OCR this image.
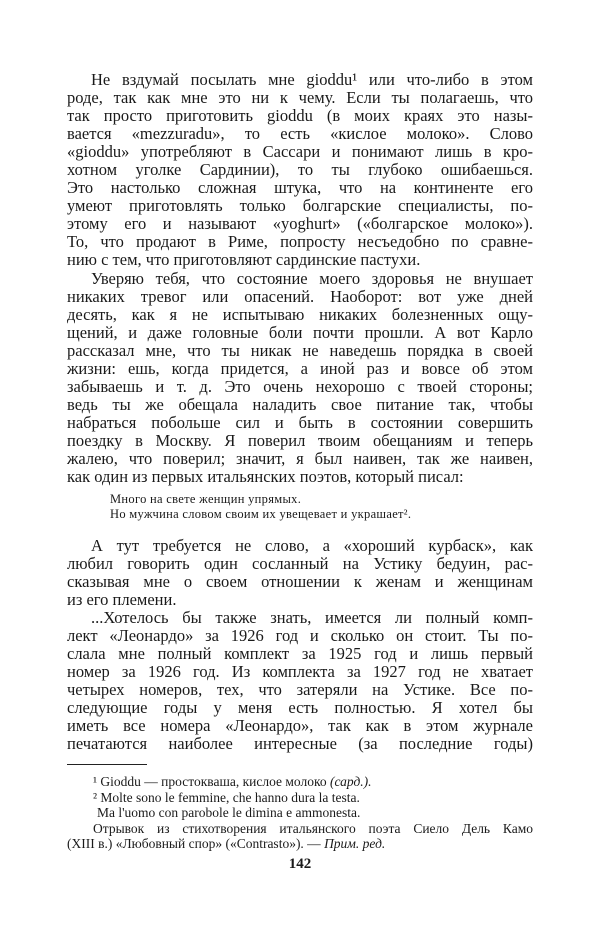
Не вздумай посылать мне gioddu¹ или что-либо в этом
роде, так как мне это ни к чему. Если ты полагаешь, что
так просто приготовить gioddu (в моих краях это назы-
вается «mezzuradu», то есть «кислое молоко». Слово
«gioddu» употребляют в Сассари и понимают лишь в кро-
хотном уголке Сардинии), то ты глубоко ошибаешься.
Это настолько сложная штука, что на континенте его
умеют приготовлять только болгарские специалисты, по-
этому его и называют «yoghurt» («болгарское молоко»).
То, что продают в Риме, попросту несъедобно по сравне-
нию с тем, что приготовляют сардинские пастухи.
Уверяю тебя, что состояние моего здоровья не внушает
никаких тревог или опасений. Наоборот: вот уже дней
десять, как я не испытываю никаких болезненных ощу-
щений, и даже головные боли почти прошли. А вот Карло
рассказал мне, что ты никак не наведешь порядка в своей
жизни: ешь, когда придется, а иной раз и вовсе об этом
забываешь и т. д. Это очень нехорошо с твоей стороны;
ведь ты же обещала наладить свое питание так, чтобы
набраться побольше сил и быть в состоянии совершить
поездку в Москву. Я поверил твоим обещаниям и теперь
жалею, что поверил; значит, я был наивен, так же наивен,
как один из первых итальянских поэтов, который писал:
Много на свете женщин упрямых.
Но мужчина словом своим их увещевает и украшает².
А тут требуется не слово, а «хороший курбаск», как
любил говорить один сосланный на Устику бедуин, рас-
сказывая мне о своем отношении к женам и женщинам
из его племени.
...Хотелось бы также знать, имеется ли полный комп-
лект «Леонардо» за 1926 год и сколько он стоит. Ты по-
слала мне полный комплект за 1925 год и лишь первый
номер за 1926 год. Из комплекта за 1927 год не хватает
четырех номеров, тех, что затеряли на Устике. Все по-
следующие годы у меня есть полностью. Я хотел бы
иметь все номера «Леонардо», так как в этом журнале
печатаются наиболее интересные (за последние годы)
¹ Gioddu — простокваша, кислое молоко (сард.).
² Molte sono le femmine, che hanno dura la testa.
Ma l'uomo con parobole le dimina e ammonesta.
Отрывок из стихотворения итальянского поэта Сиело Дель Камо
(XIII в.) «Любовный спор» («Contrasto»). — Прим. ред.
142
